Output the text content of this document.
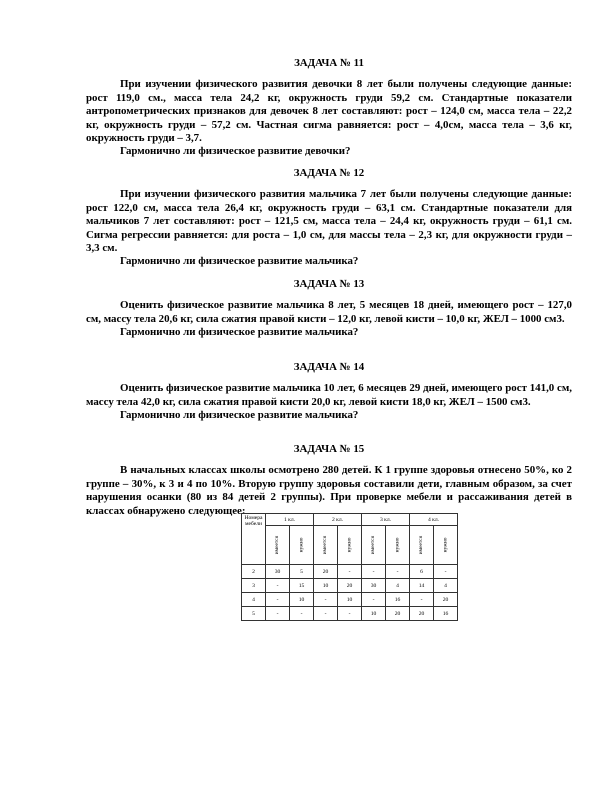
ЗАДАЧА № 11

При изучении физического развития девочки 8 лет были получены следующие данные: рост 119,0 см., масса тела 24,2 кг, окружность груди 59,2 см. Стандартные показатели антропометрических признаков для девочек 8 лет составляют: рост – 124,0 см, масса тела – 22,2 кг, окружность груди – 57,2 см. Частная сигма равняется: рост – 4,0см, масса тела – 3,6 кг, окружность груди – 3,7.

Гармонично ли физическое развитие девочки?

ЗАДАЧА № 12

При изучении физического развития мальчика 7 лет были получены следующие данные: рост 122,0 см, масса тела 26,4 кг, окружность груди – 63,1 см. Стандартные показатели для мальчиков 7 лет составляют: рост – 121,5 см, масса тела – 24,4 кг, окружность груди – 61,1 см. Сигма регрессии равняется: для роста – 1,0 см, для массы тела – 2,3 кг, для окружности груди – 3,3 см.

Гармонично ли физическое развитие мальчика?

ЗАДАЧА № 13

Оценить физическое развитие мальчика 8 лет, 5 месяцев 18 дней, имеющего рост – 127,0 см, массу тела 20,6 кг, сила сжатия правой кисти – 12,0 кг, левой кисти – 10,0 кг, ЖЕЛ – 1000 см3.

Гармонично ли физическое развитие мальчика?

ЗАДАЧА № 14

Оценить физическое развитие мальчика 10 лет, 6 месяцев 29 дней, имеющего рост 141,0 см, массу тела 42,0 кг, сила сжатия правой кисти 20,0 кг, левой кисти 18,0 кг, ЖЕЛ – 1500 см3.

Гармонично ли физическое развитие мальчика?

ЗАДАЧА № 15

В начальных классах школы осмотрено 280 детей. К 1 группе здоровья отнесено 50%, ко 2 группе – 30%, к 3 и 4 по 10%. Вторую группу здоровья составили дети, главным образом, за счет нарушения осанки (80 из 84 детей 2 группы). При проверке мебели и рассаживания детей в классах обнаружено следующее:

Номера мебели	1 кл.		2 кл.		3 кл.		4 кл.	
	имеется	нужно	имеется	нужно	имеется	нужно	имеется	нужно
2	30	5	20	-	-	-	6	-
3	-	15	10	20	30	4	14	4
4	-	10	-	10	-	16	-	20
5	-	-	-	-	10	20	20	16
